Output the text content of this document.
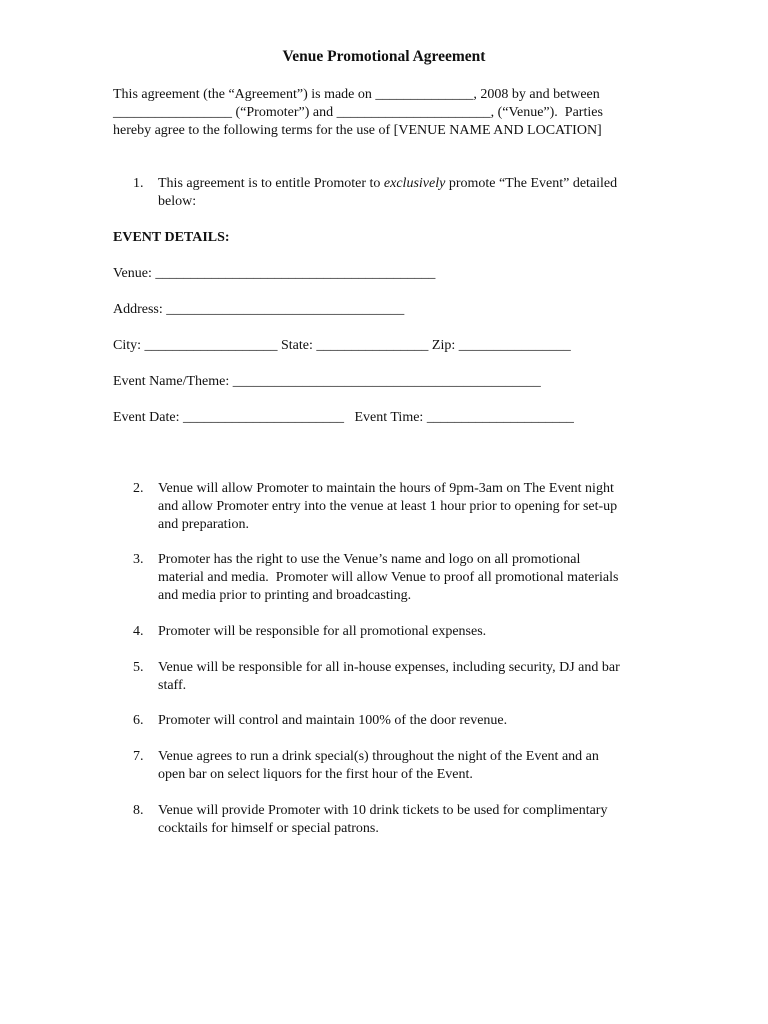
Venue Promotional Agreement
This agreement (the “Agreement”) is made on ______________, 2008 by and between
_________________ (“Promoter”) and ______________________, (“Venue”).  Parties
hereby agree to the following terms for the use of [VENUE NAME AND LOCATION]
1.	This agreement is to entitle Promoter to exclusively promote “The Event” detailed
below:
EVENT DETAILS:
Venue: ________________________________________
Address: __________________________________
City: ___________________ State: ________________ Zip: ________________
Event Name/Theme: ____________________________________________
Event Date: _______________________   Event Time: _____________________
2.	Venue will allow Promoter to maintain the hours of 9pm-3am on The Event night
and allow Promoter entry into the venue at least 1 hour prior to opening for set-up
and preparation.
3.	Promoter has the right to use the Venue’s name and logo on all promotional
material and media.  Promoter will allow Venue to proof all promotional materials
and media prior to printing and broadcasting.
4.	Promoter will be responsible for all promotional expenses.
5.	Venue will be responsible for all in-house expenses, including security, DJ and bar
staff.
6.	Promoter will control and maintain 100% of the door revenue.
7.	Venue agrees to run a drink special(s) throughout the night of the Event and an
open bar on select liquors for the first hour of the Event.
8.	Venue will provide Promoter with 10 drink tickets to be used for complimentary
cocktails for himself or special patrons.
